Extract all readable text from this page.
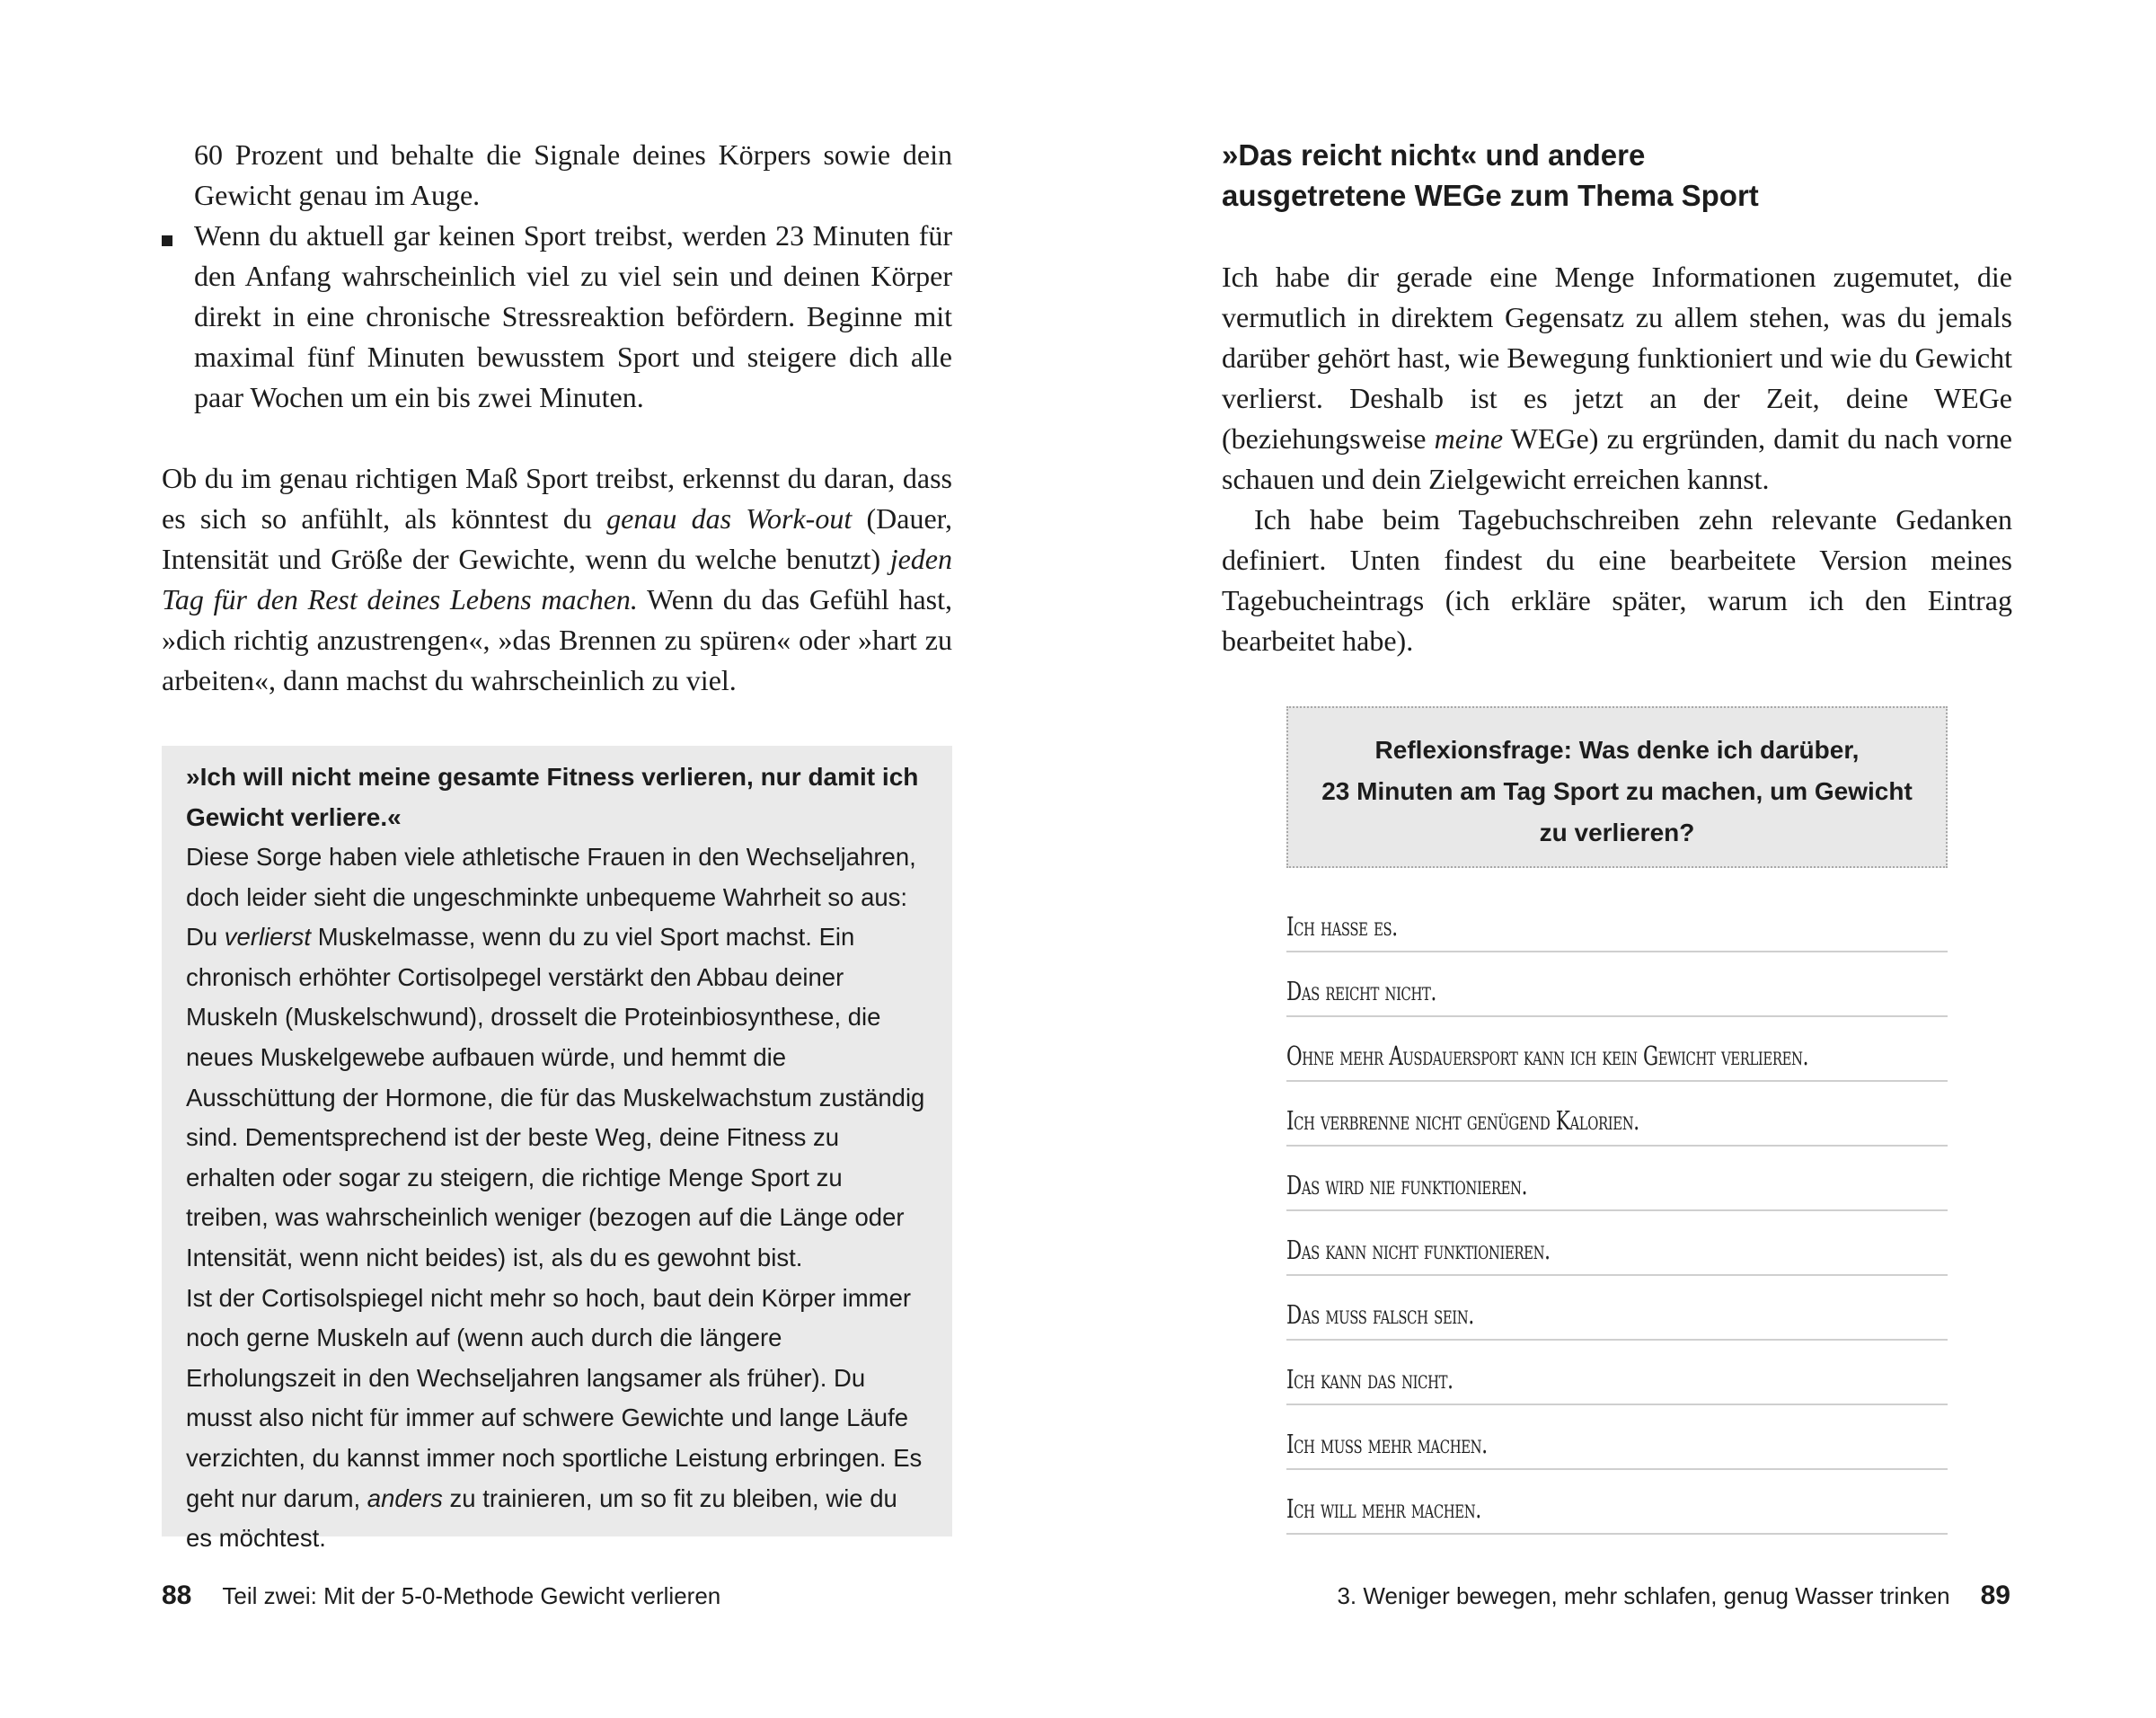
60 Prozent und behalte die Signale deines Körpers sowie dein Gewicht genau im Auge.

Wenn du aktuell gar keinen Sport treibst, werden 23 Minuten für den Anfang wahrscheinlich viel zu viel sein und deinen Körper direkt in eine chronische Stressreaktion befördern. Beginne mit maximal fünf Minuten bewusstem Sport und steigere dich alle paar Wochen um ein bis zwei Minuten.

Ob du im genau richtigen Maß Sport treibst, erkennst du daran, dass es sich so anfühlt, als könntest du genau das Work-out (Dauer, Intensität und Größe der Gewichte, wenn du welche benutzt) jeden Tag für den Rest deines Lebens machen. Wenn du das Gefühl hast, »dich richtig anzustrengen«, »das Brennen zu spüren« oder »hart zu arbeiten«, dann machst du wahrscheinlich zu viel.

»Ich will nicht meine gesamte Fitness verlieren, nur damit ich Gewicht verliere.«

Diese Sorge haben viele athletische Frauen in den Wechseljahren, doch leider sieht die ungeschminkte unbequeme Wahrheit so aus: Du verlierst Muskelmasse, wenn du zu viel Sport machst. Ein chronisch erhöhter Cortisolpegel verstärkt den Abbau deiner Muskeln (Muskelschwund), drosselt die Proteinbiosynthese, die neues Muskelgewebe aufbauen würde, und hemmt die Ausschüttung der Hormone, die für das Muskelwachstum zuständig sind. Dementsprechend ist der beste Weg, deine Fitness zu erhalten oder sogar zu steigern, die richtige Menge Sport zu treiben, was wahrscheinlich weniger (bezogen auf die Länge oder Intensität, wenn nicht beides) ist, als du es gewohnt bist.

Ist der Cortisolspiegel nicht mehr so hoch, baut dein Körper immer noch gerne Muskeln auf (wenn auch durch die längere Erholungszeit in den Wechseljahren langsamer als früher). Du musst also nicht für immer auf schwere Gewichte und lange Läufe verzichten, du kannst immer noch sportliche Leistung erbringen. Es geht nur darum, anders zu trainieren, um so fit zu bleiben, wie du es möchtest.

88 Teil zwei: Mit der 5-0-Methode Gewicht verlieren
»Das reicht nicht« und andere
ausgetretene WEGe zum Thema Sport

Ich habe dir gerade eine Menge Informationen zugemutet, die vermutlich in direktem Gegensatz zu allem stehen, was du jemals darüber gehört hast, wie Bewegung funktioniert und wie du Gewicht verlierst. Deshalb ist es jetzt an der Zeit, deine WEGe (beziehungsweise meine WEGe) zu ergründen, damit du nach vorne schauen und dein Zielgewicht erreichen kannst.

Ich habe beim Tagebuchschreiben zehn relevante Gedanken definiert. Unten findest du eine bearbeitete Version meines Tagebucheintrags (ich erkläre später, warum ich den Eintrag bearbeitet habe).

Reflexionsfrage: Was denke ich darüber,
23 Minuten am Tag Sport zu machen, um Gewicht
zu verlieren?

Ich hasse es.
Das reicht nicht.
Ohne mehr Ausdauersport kann ich kein Gewicht verlieren.
Ich verbrenne nicht genügend Kalorien.
Das wird nie funktionieren.
Das kann nicht funktionieren.
Das muss falsch sein.
Ich kann das nicht.
Ich muss mehr machen.
Ich will mehr machen.
3. Weniger bewegen, mehr schlafen, genug Wasser trinken 89
